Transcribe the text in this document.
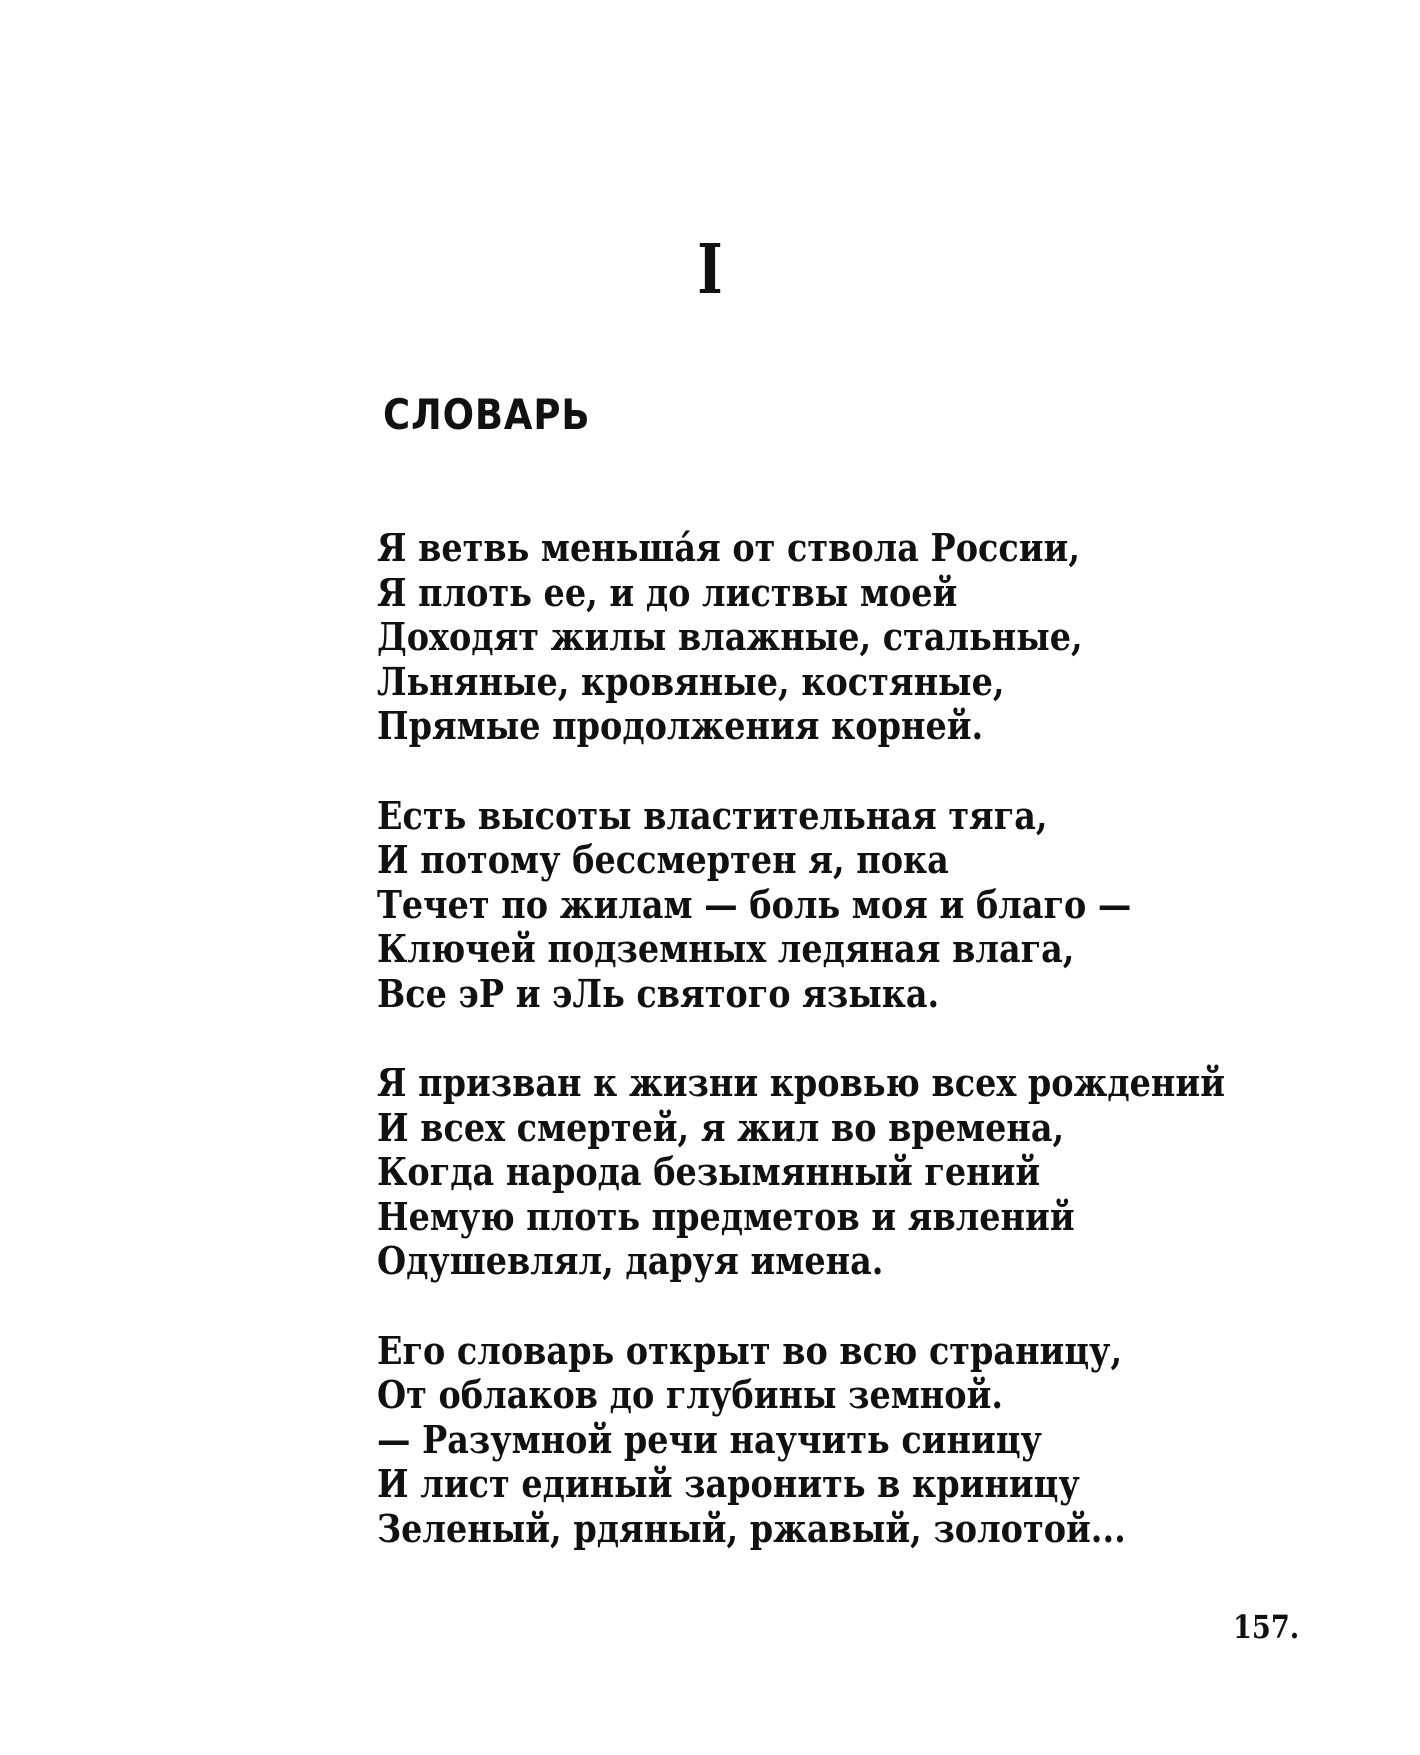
I
СЛОВАРЬ

Я ветвь меньша́я от ствола России,
Я плоть ее, и до листвы моей
Доходят жилы влажные, стальные,
Льняные, кровяные, костяные,
Прямые продолжения корней.

Есть высоты властительная тяга,
И потому бессмертен я, пока
Течет по жилам — боль моя и благо —
Ключей подземных ледяная влага,
Все эР и эЛь святого языка.

Я призван к жизни кровью всех рождений
И всех смертей, я жил во времена,
Когда народа безымянный гений
Немую плоть предметов и явлений
Одушевлял, даруя имена.

Его словарь открыт во всю страницу,
От облаков до глубины земной.
— Разумной речи научить синицу
И лист единый заронить в криницу
Зеленый, рдяный, ржавый, золотой...

157.
